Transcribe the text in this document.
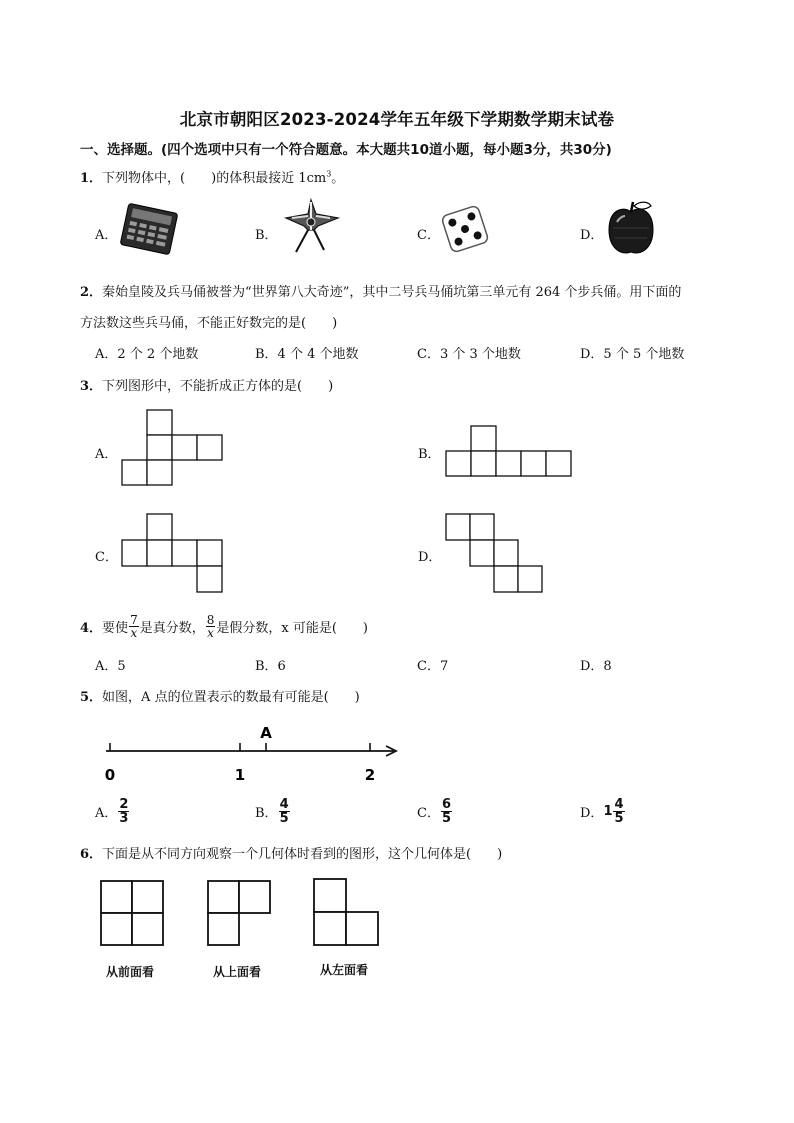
北京市朝阳区2023-2024学年五年级下学期数学期末试卷
一、选择题。(四个选项中只有一个符合题意。本大题共10道小题，每小题3分，共30分)
1．下列物体中，(　　)的体积最接近 $1cm^3$。
A．	B．	C．	D．
2．秦始皇陵及兵马俑被誉为“世界第八大奇迹”，其中二号兵马俑坑第三单元有 264 个步兵俑。用下面的
方法数这些兵马俑，不能正好数完的是(　　)
A．2 个 2 个地数	B．4 个 4 个地数	C．3 个 3 个地数	D．5 个 5 个地数
3．下列图形中，不能折成正方体的是(　　)
A．	B．
C．	D．
4． 要使 $\frac{7}{x}$ 是真分数， $\frac{8}{x}$ 是假分数，x 可能是(　　)
A．5	B．6	C．7	D．8
5．如图，A 点的位置表示的数最有可能是(　　)
0	1	2
A
A． $\frac{2}{3}$	B． $\frac{4}{5}$	C． $\frac{6}{5}$	D． $1 \frac{4}{5}$
6．下面是从不同方向观察一个几何体时看到的图形，这个几何体是(　　)
从前面看	从上面看	从左面看
